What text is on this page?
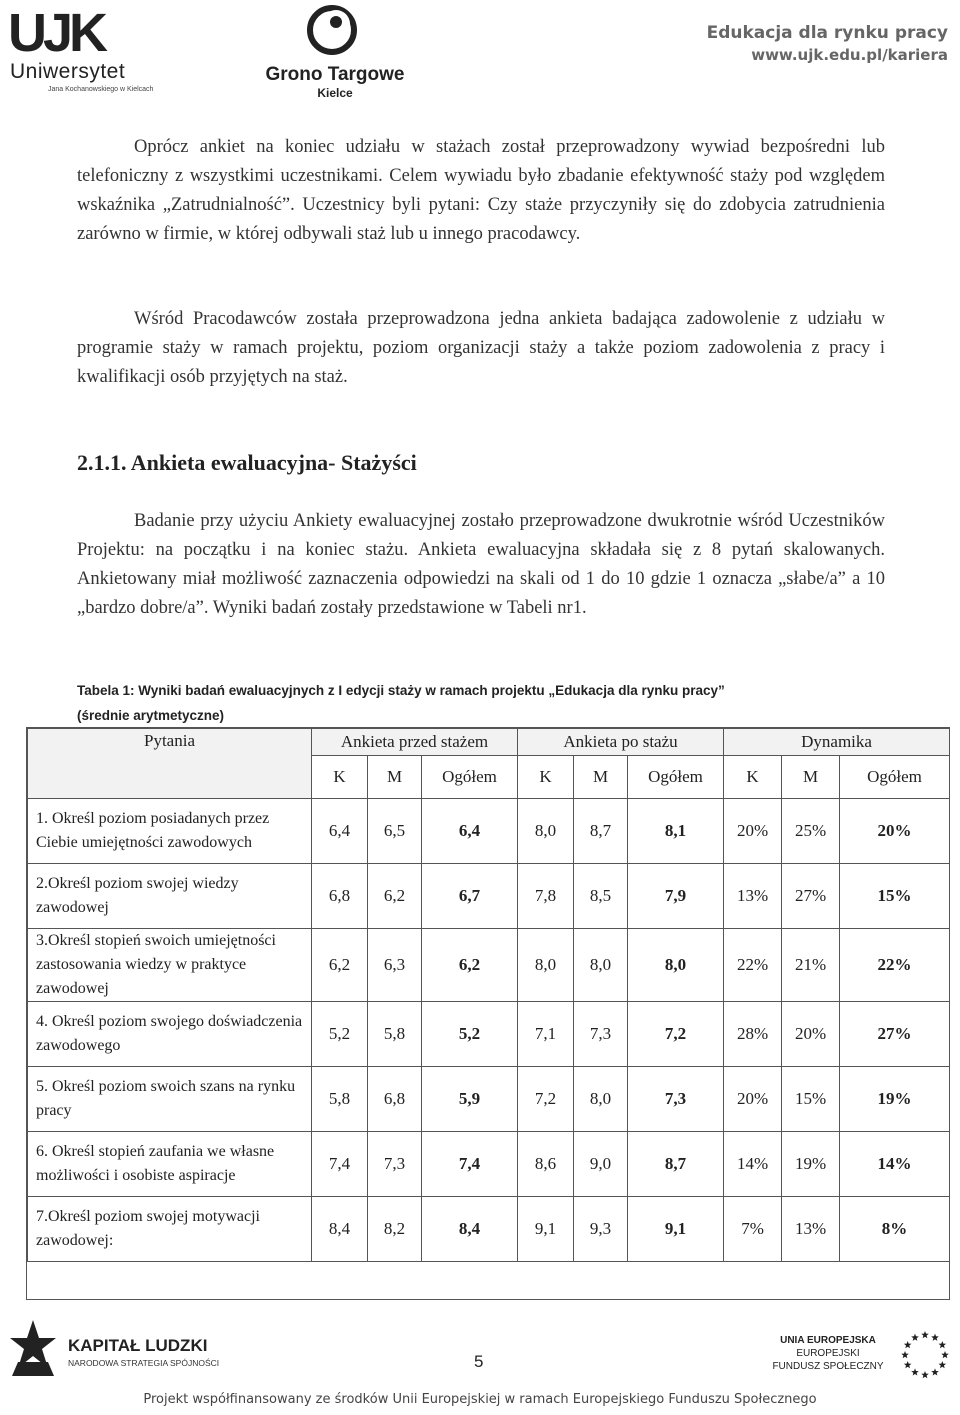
UJK
Uniwersytet
Jana Kochanowskiego w Kielcach
Grono Targowe
Kielce
Edukacja dla rynku pracy
www.ujk.edu.pl/kariera

Oprócz ankiet na koniec udziału w stażach został przeprowadzony wywiad bezpośredni lub telefoniczny z wszystkimi uczestnikami. Celem wywiadu było zbadanie efektywność staży pod względem wskaźnika „Zatrudnialność”. Uczestnicy byli pytani: Czy staże przyczyniły się do zdobycia zatrudnienia zarówno w firmie, w której odbywali staż lub u innego pracodawcy.

Wśród Pracodawców została przeprowadzona jedna ankieta badająca zadowolenie z udziału w programie staży w ramach projektu, poziom organizacji staży a także poziom zadowolenia z pracy i kwalifikacji osób przyjętych na staż.

2.1.1. Ankieta ewaluacyjna- Stażyści

Badanie przy użyciu Ankiety ewaluacyjnej zostało przeprowadzone dwukrotnie wśród Uczestników Projektu: na początku i na koniec stażu. Ankieta ewaluacyjna składała się z 8 pytań skalowanych. Ankietowany miał możliwość zaznaczenia odpowiedzi na skali od 1 do 10 gdzie 1 oznacza „słabe/a” a 10 „bardzo dobre/a”. Wyniki badań zostały przedstawione w Tabeli nr1.

Tabela 1: Wyniki badań ewaluacyjnych z I edycji staży w ramach projektu „Edukacja dla rynku pracy”
(średnie arytmetyczne)
Pytania	Ankieta przed stażem			Ankieta po stażu			Dynamika		
	K	M	Ogółem	K	M	Ogółem	K	M	Ogółem
1. Określ poziom posiadanych przez Ciebie umiejętności zawodowych	6,4	6,5	6,4	8,0	8,7	8,1	20%	25%	20%
2.Określ poziom swojej wiedzy zawodowej	6,8	6,2	6,7	7,8	8,5	7,9	13%	27%	15%
3.Określ stopień swoich umiejętności zastosowania wiedzy w praktyce zawodowej	6,2	6,3	6,2	8,0	8,0	8,0	22%	21%	22%
4. Określ poziom swojego doświadczenia zawodowego	5,2	5,8	5,2	7,1	7,3	7,2	28%	20%	27%
5. Określ poziom swoich szans na rynku pracy	5,8	6,8	5,9	7,2	8,0	7,3	20%	15%	19%
6. Określ stopień zaufania we własne możliwości i osobiste aspiracje	7,4	7,3	7,4	8,6	9,0	8,7	14%	19%	14%
7.Określ poziom swojej motywacji zawodowej:	8,4	8,2	8,4	9,1	9,3	9,1	7%	13%	8%
KAPITAŁ LUDZKI
NARODOWA STRATEGIA SPÓJNOŚCI	5
UNIA EUROPEJSKA
EUROPEJSKI
FUNDUSZ SPOŁECZNY
Projekt współfinansowany ze środków Unii Europejskiej w ramach Europejskiego Funduszu Społecznego
